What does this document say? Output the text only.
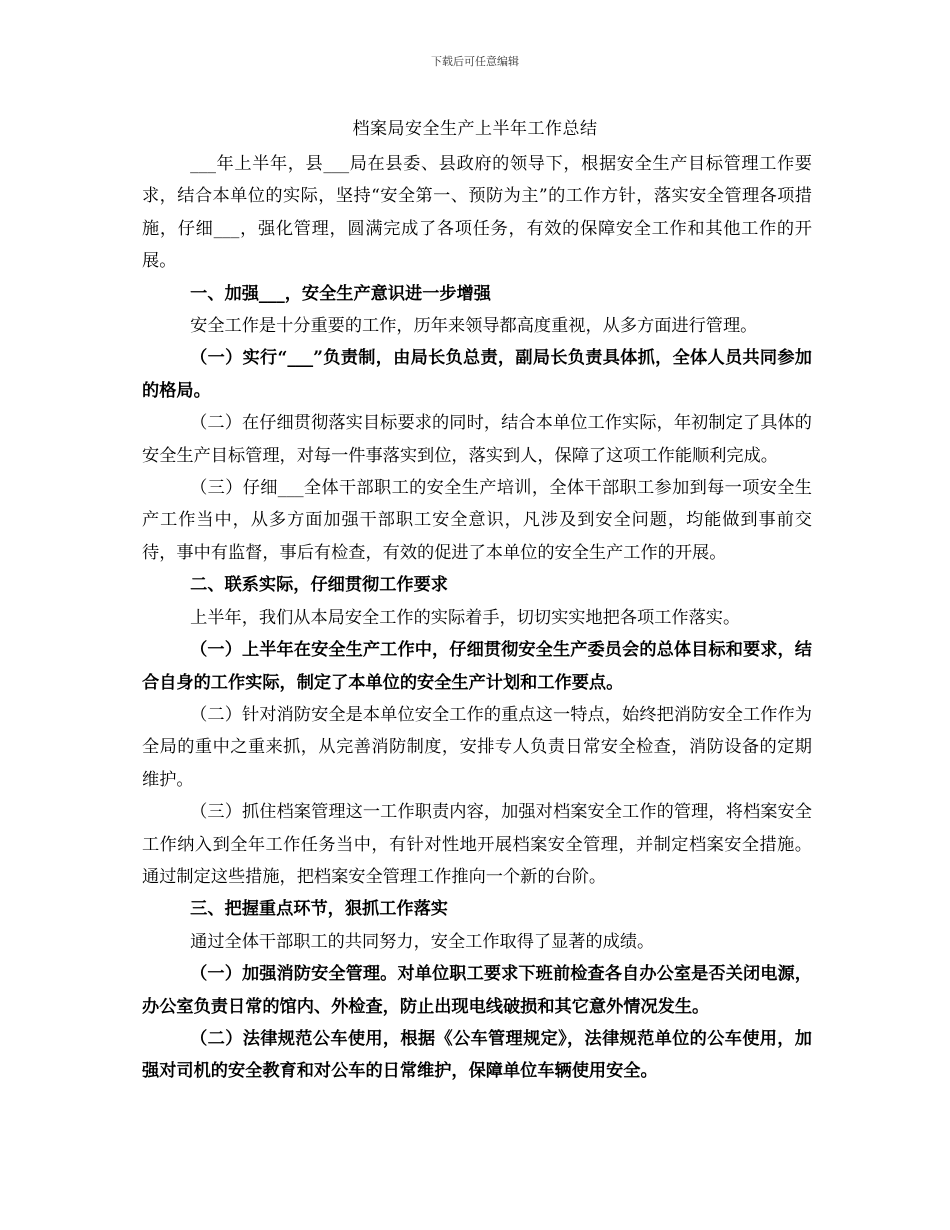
下载后可任意编辑
档案局安全生产上半年工作总结

___年上半年，县___局在县委、县政府的领导下，根据安全生产目标管理工作要求，结合本单位的实际，坚持“安全第一、预防为主”的工作方针，落实安全管理各项措施，仔细___，强化管理，圆满完成了各项任务，有效的保障安全工作和其他工作的开展。

一、加强___，安全生产意识进一步增强

安全工作是十分重要的工作，历年来领导都高度重视，从多方面进行管理。

（一）实行“___”负责制，由局长负总责，副局长负责具体抓，全体人员共同参加的格局。

（二）在仔细贯彻落实目标要求的同时，结合本单位工作实际，年初制定了具体的安全生产目标管理，对每一件事落实到位，落实到人，保障了这项工作能顺利完成。

（三）仔细___全体干部职工的安全生产培训，全体干部职工参加到每一项安全生产工作当中，从多方面加强干部职工安全意识，凡涉及到安全问题，均能做到事前交待，事中有监督，事后有检查，有效的促进了本单位的安全生产工作的开展。

二、联系实际，仔细贯彻工作要求

上半年，我们从本局安全工作的实际着手，切切实实地把各项工作落实。

（一）上半年在安全生产工作中，仔细贯彻安全生产委员会的总体目标和要求，结合自身的工作实际，制定了本单位的安全生产计划和工作要点。

（二）针对消防安全是本单位安全工作的重点这一特点，始终把消防安全工作作为全局的重中之重来抓，从完善消防制度，安排专人负责日常安全检查，消防设备的定期维护。

（三）抓住档案管理这一工作职责内容，加强对档案安全工作的管理，将档案安全工作纳入到全年工作任务当中，有针对性地开展档案安全管理，并制定档案安全措施。通过制定这些措施，把档案安全管理工作推向一个新的台阶。

三、把握重点环节，狠抓工作落实

通过全体干部职工的共同努力，安全工作取得了显著的成绩。

（一）加强消防安全管理。对单位职工要求下班前检查各自办公室是否关闭电源，办公室负责日常的馆内、外检查，防止出现电线破损和其它意外情况发生。

（二）法律规范公车使用，根据《公车管理规定》，法律规范单位的公车使用，加强对司机的安全教育和对公车的日常维护，保障单位车辆使用安全。
